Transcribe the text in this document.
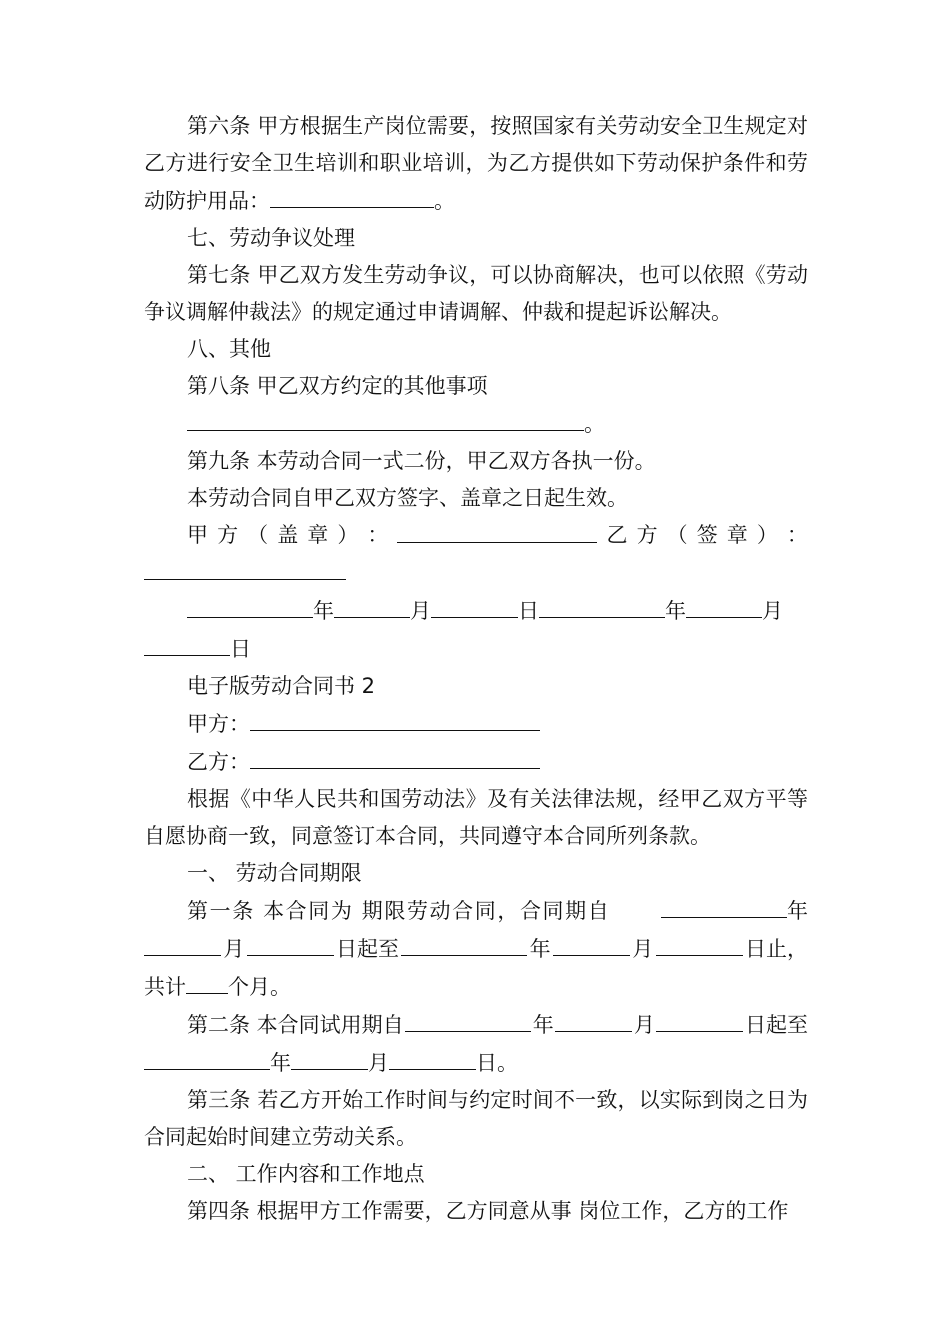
第六条 甲方根据生产岗位需要，按照国家有关劳动安全卫生规定对乙方进行安全卫生培训和职业培训，为乙方提供如下劳动保护条件和劳动防护用品：	。

七、劳动争议处理

第七条 甲乙双方发生劳动争议，可以协商解决，也可以依照《劳动争议调解仲裁法》的规定通过申请调解、仲裁和提起诉讼解决。

八、其他

第八条 甲乙双方约定的其他事项

。

第九条 本劳动合同一式二份，甲乙双方各执一份。

本劳动合同自甲乙双方签字、盖章之日起生效。

甲 方 （ 盖 章 ） ：	乙 方 （ 签 章 ） ：

年	月	日	年	月

日

电子版劳动合同书 2

甲方：

乙方：

根据《中华人民共和国劳动法》及有关法律法规，经甲乙双方平等自愿协商一致，同意签订本合同，共同遵守本合同所列条款。

一、 劳动合同期限

第一条 本合同为 期限劳动合同，合同期自	年
月	日起至	年	月	日止，

共计 个月。

第二条 本合同试用期自	年	月	日起至

年	月	日。

第三条 若乙方开始工作时间与约定时间不一致，以实际到岗之日为合同起始时间建立劳动关系。

二、 工作内容和工作地点

第四条 根据甲方工作需要，乙方同意从事 岗位工作，乙方的工作
